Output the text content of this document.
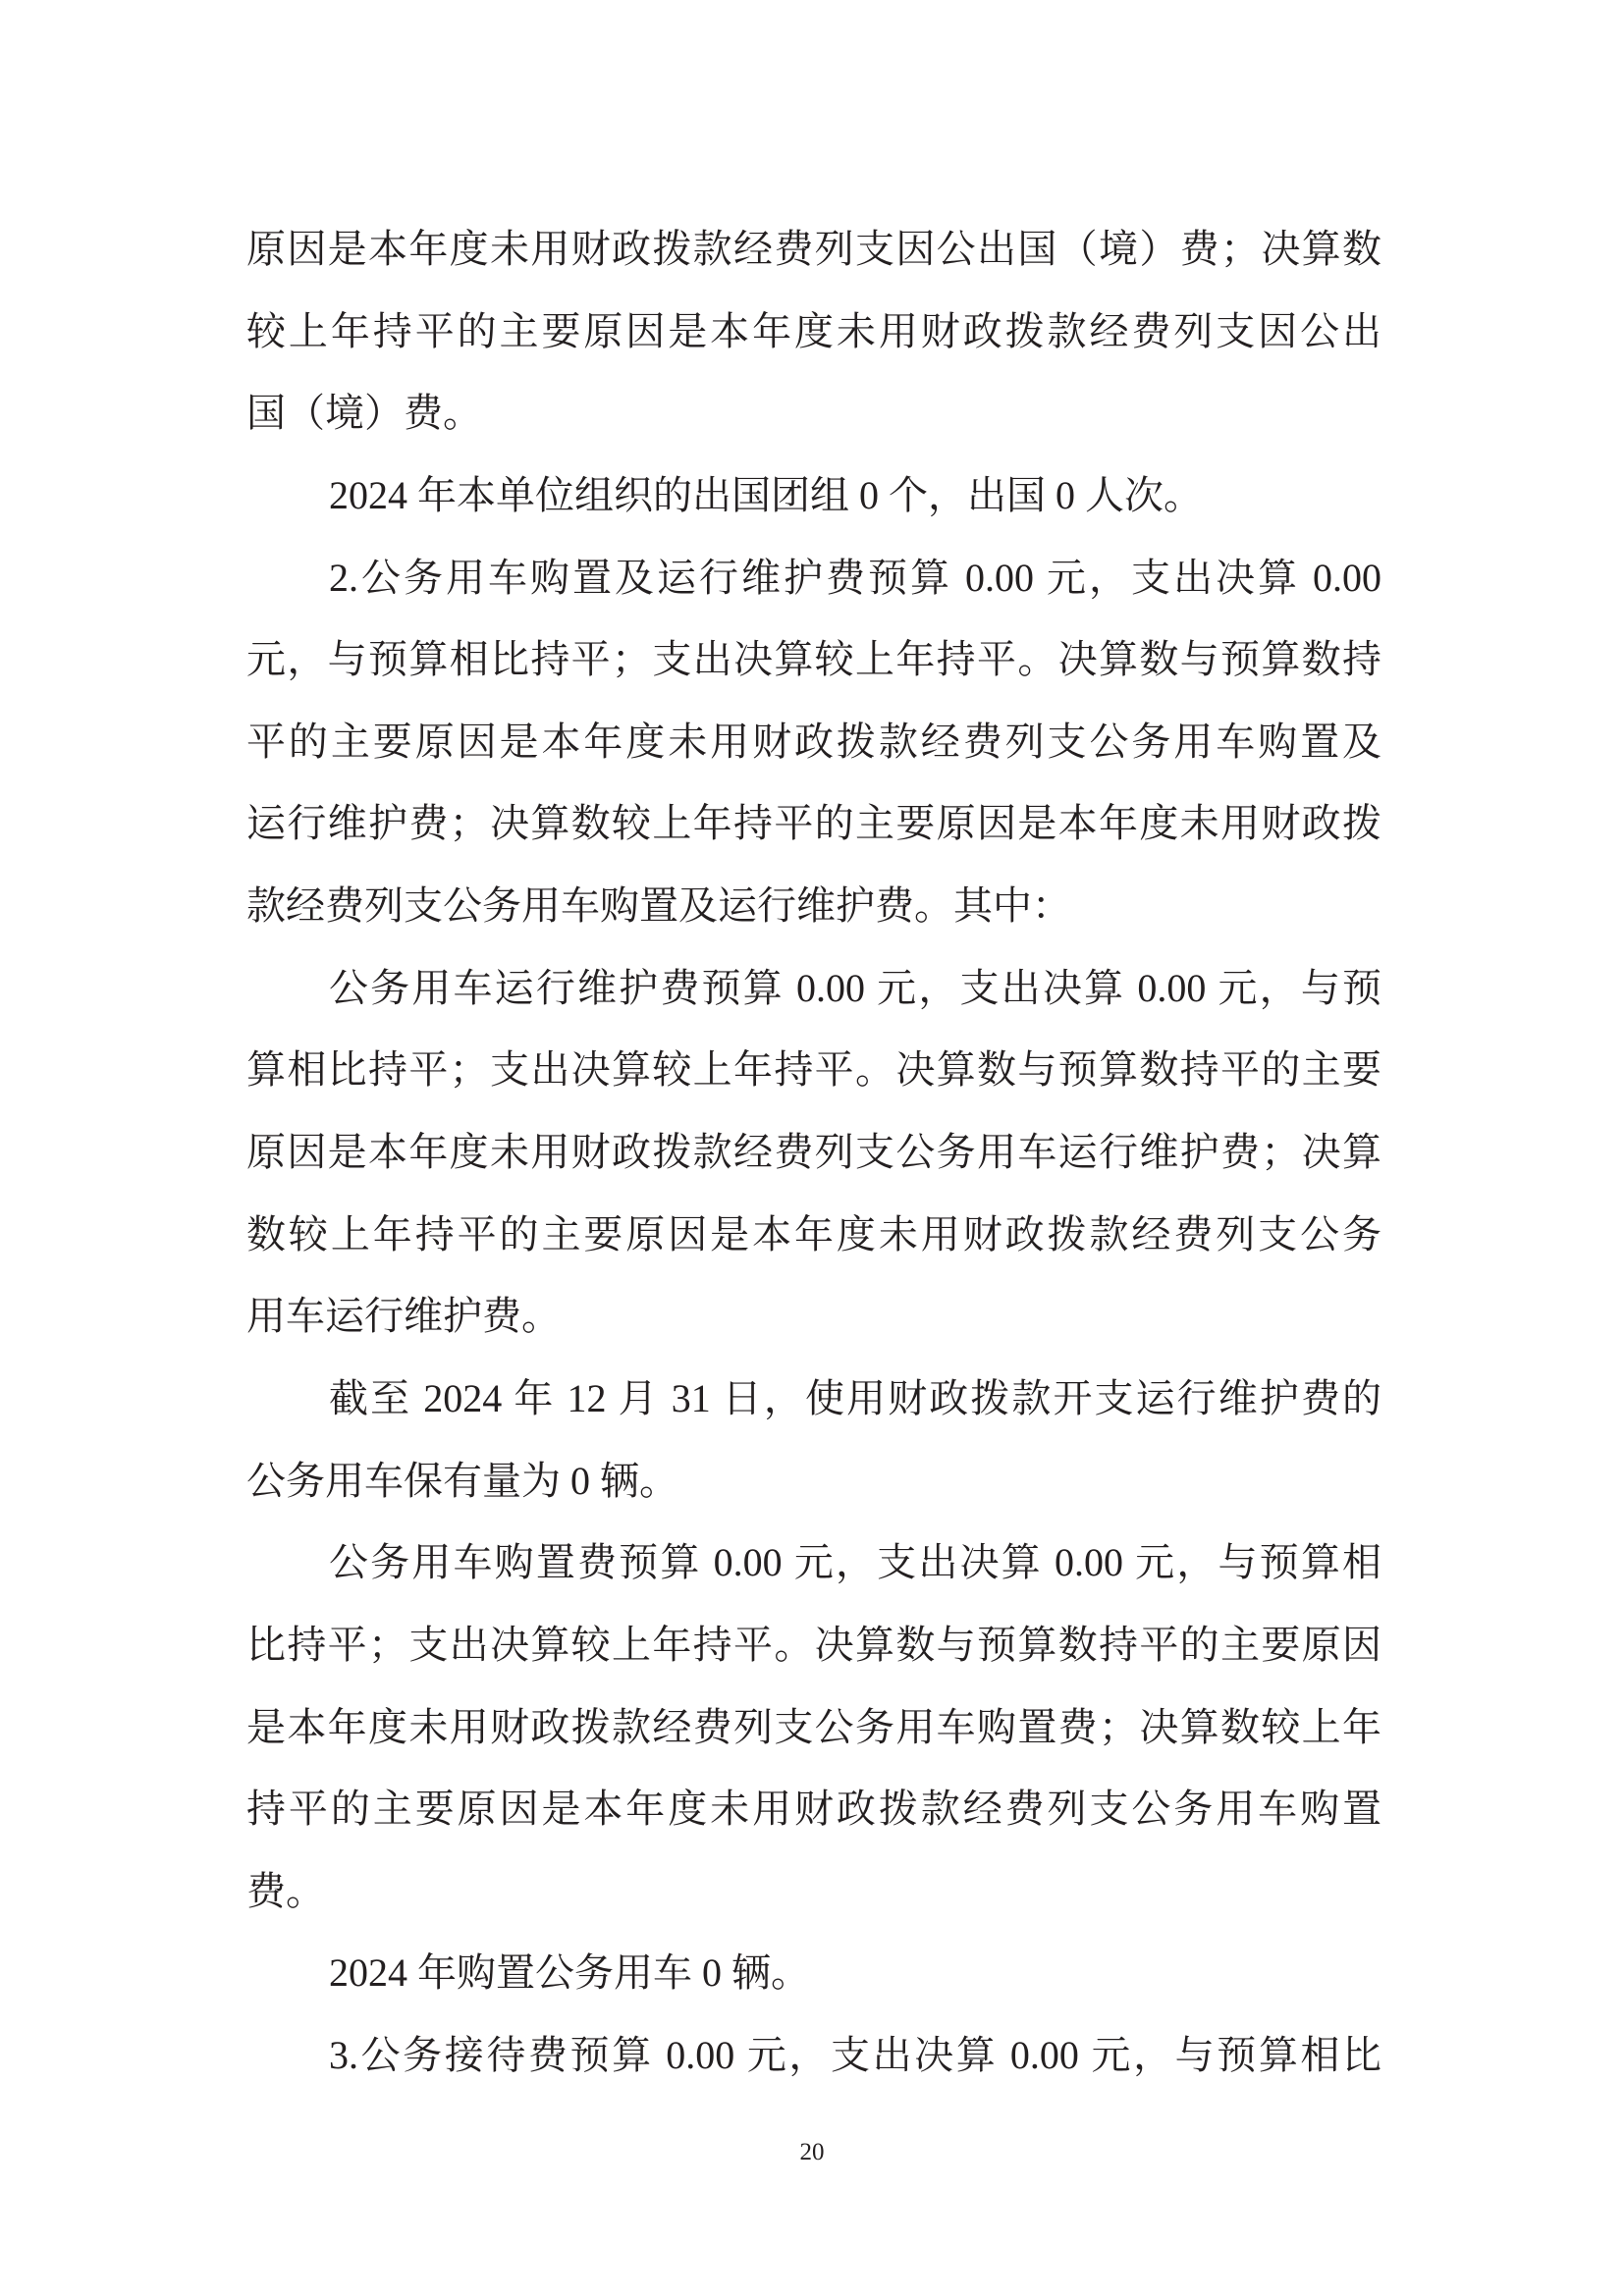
原因是本年度未用财政拨款经费列支因公出国（境）费；决算数
较上年持平的主要原因是本年度未用财政拨款经费列支因公出
国（境）费。
2024 年本单位组织的出国团组 0 个，出国 0 人次。
2.公务用车购置及运行维护费预算 0.00 元，支出决算 0.00
元，与预算相比持平；支出决算较上年持平。决算数与预算数持
平的主要原因是本年度未用财政拨款经费列支公务用车购置及
运行维护费；决算数较上年持平的主要原因是本年度未用财政拨
款经费列支公务用车购置及运行维护费。其中：
公务用车运行维护费预算 0.00 元，支出决算 0.00 元，与预
算相比持平；支出决算较上年持平。决算数与预算数持平的主要
原因是本年度未用财政拨款经费列支公务用车运行维护费；决算
数较上年持平的主要原因是本年度未用财政拨款经费列支公务
用车运行维护费。
截至 2024 年 12 月 31 日，使用财政拨款开支运行维护费的
公务用车保有量为 0 辆。
公务用车购置费预算 0.00 元，支出决算 0.00 元，与预算相
比持平；支出决算较上年持平。决算数与预算数持平的主要原因
是本年度未用财政拨款经费列支公务用车购置费；决算数较上年
持平的主要原因是本年度未用财政拨款经费列支公务用车购置
费。
2024 年购置公务用车 0 辆。
3.公务接待费预算 0.00 元，支出决算 0.00 元，与预算相比
20
